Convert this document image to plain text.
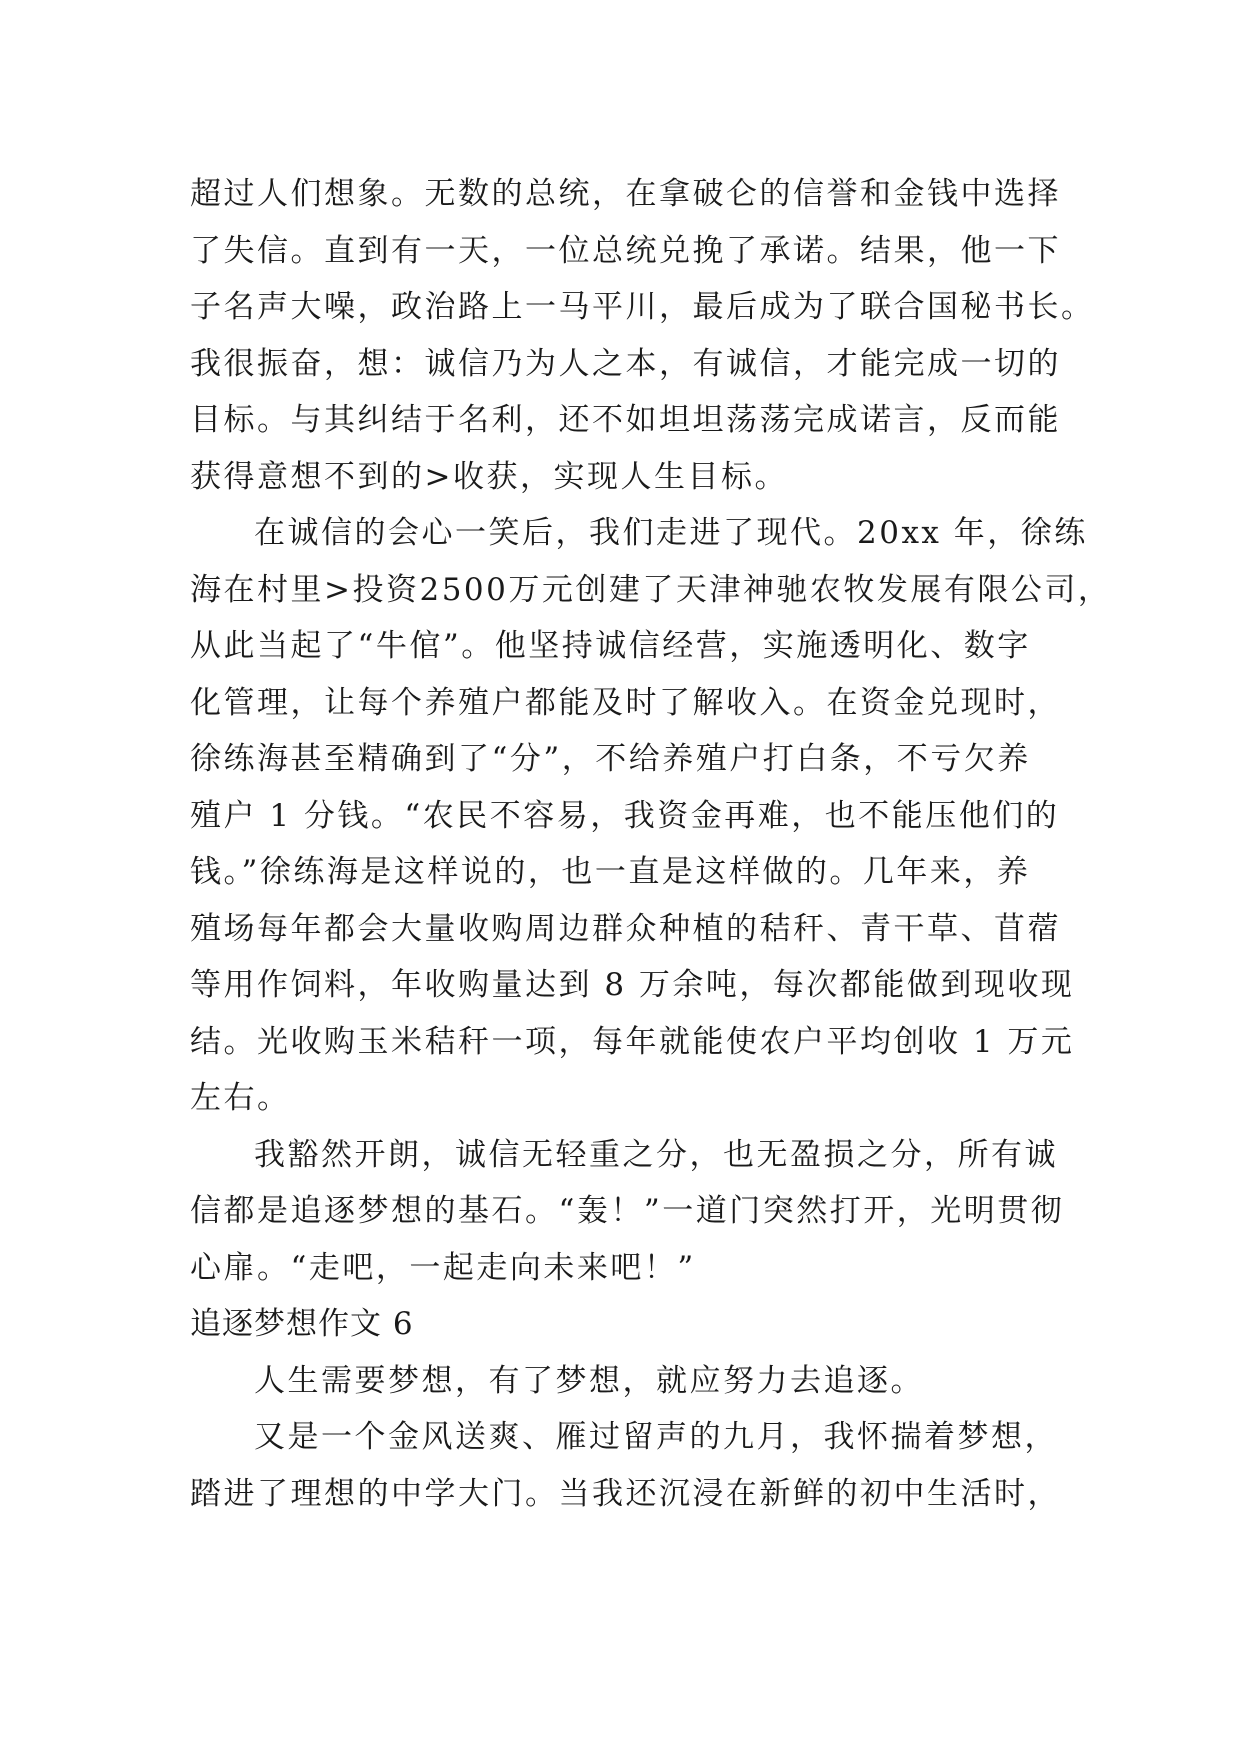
超过人们想象。无数的总统，在拿破仑的信誉和金钱中选择
了失信。直到有一天，一位总统兑挽了承诺。结果，他一下
子名声大噪，政治路上一马平川，最后成为了联合国秘书长。
我很振奋，想：诚信乃为人之本，有诚信，才能完成一切的
目标。与其纠结于名利，还不如坦坦荡荡完成诺言，反而能
获得意想不到的>收获，实现人生目标。
在诚信的会心一笑后，我们走进了现代。20xx 年，徐练
海在村里>投资2500万元创建了天津神驰农牧发展有限公司，
从此当起了“牛倌”。他坚持诚信经营，实施透明化、数字
化管理，让每个养殖户都能及时了解收入。在资金兑现时，
徐练海甚至精确到了“分”，不给养殖户打白条，不亏欠养
殖户 1 分钱。“农民不容易，我资金再难，也不能压他们的
钱。”徐练海是这样说的，也一直是这样做的。几年来，养
殖场每年都会大量收购周边群众种植的秸秆、青干草、苜蓿
等用作饲料，年收购量达到 8 万余吨，每次都能做到现收现
结。光收购玉米秸秆一项，每年就能使农户平均创收 1 万元
左右。
我豁然开朗，诚信无轻重之分，也无盈损之分，所有诚
信都是追逐梦想的基石。“轰！”一道门突然打开，光明贯彻
心扉。“走吧，一起走向未来吧！”
追逐梦想作文 6
人生需要梦想，有了梦想，就应努力去追逐。
又是一个金风送爽、雁过留声的九月，我怀揣着梦想，
踏进了理想的中学大门。当我还沉浸在新鲜的初中生活时，
